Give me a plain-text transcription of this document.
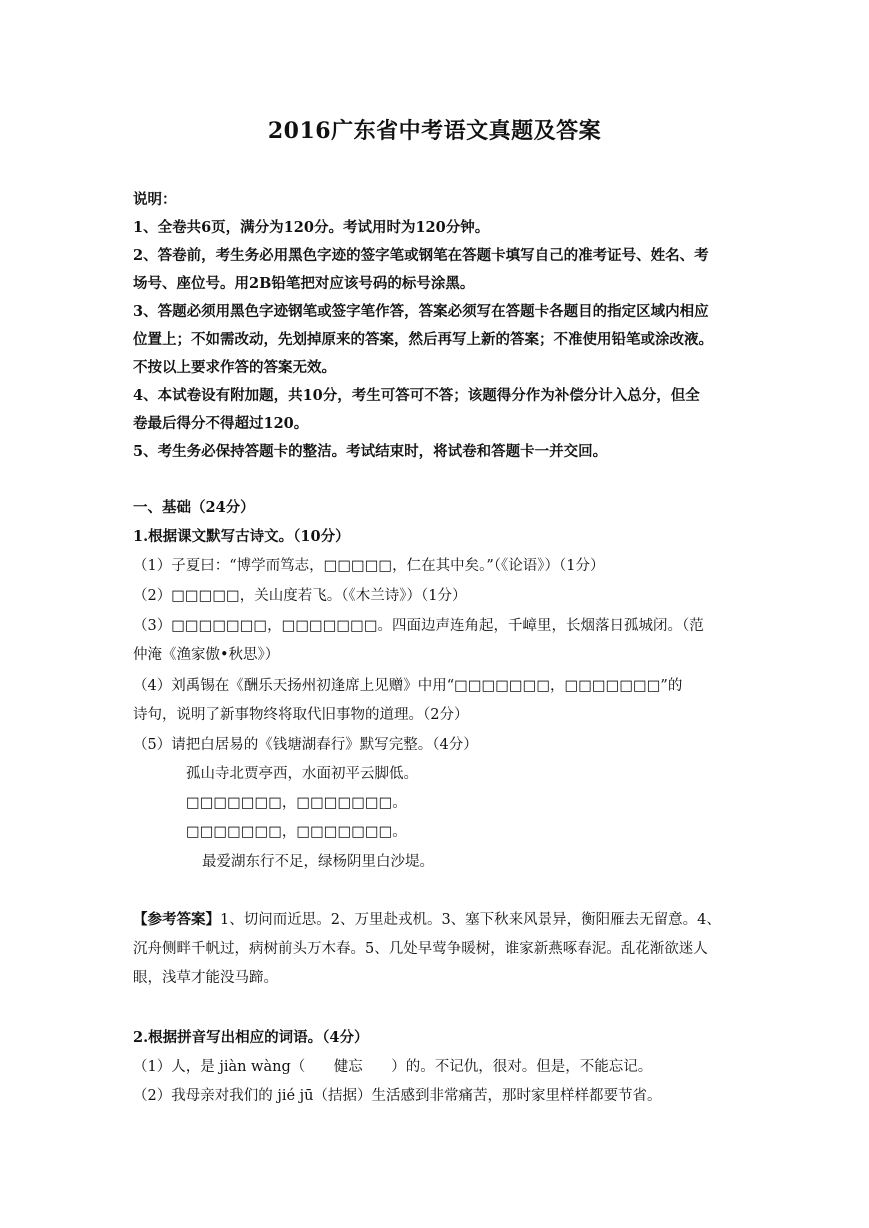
2016广东省中考语文真题及答案
说明：
1、全卷共6页，满分为120分。考试用时为120分钟。
2、答卷前，考生务必用黑色字迹的签字笔或钢笔在答题卡填写自己的准考证号、姓名、考
场号、座位号。用2B铅笔把对应该号码的标号涂黑。
3、答题必须用黑色字迹钢笔或签字笔作答，答案必须写在答题卡各题目的指定区域内相应
位置上；不如需改动，先划掉原来的答案，然后再写上新的答案；不准使用铅笔或涂改液。
不按以上要求作答的答案无效。
4、本试卷设有附加题，共10分，考生可答可不答；该题得分作为补偿分计入总分，但全
卷最后得分不得超过120。
5、考生务必保持答题卡的整洁。考试结束时，将试卷和答题卡一并交回。
一、基础（24分）
1.根据课文默写古诗文。（10分）
（1）子夏曰：“博学而笃志，□□□□□，仁在其中矣。”（《论语》）（1分）
（2）□□□□□，关山度若飞。（《木兰诗》）（1分）
（3）□□□□□□□，□□□□□□□。四面边声连角起，千嶂里，长烟落日孤城闭。（范
仲淹《渔家傲•秋思》）
（4）刘禹锡在《酬乐天扬州初逢席上见赠》中用“□□□□□□□，□□□□□□□”的
诗句，说明了新事物终将取代旧事物的道理。（2分）
（5）请把白居易的《钱塘湖春行》默写完整。（4分）
孤山寺北贾亭西，水面初平云脚低。
□□□□□□□，□□□□□□□。
□□□□□□□，□□□□□□□。
最爱湖东行不足，绿杨阴里白沙堤。
【参考答案】1、切问而近思。2、万里赴戎机。3、塞下秋来风景异，衡阳雁去无留意。4、
沉舟侧畔千帆过，病树前头万木春。5、几处早莺争暖树，谁家新燕啄春泥。乱花渐欲迷人
眼，浅草才能没马蹄。
2.根据拼音写出相应的词语。（4分）
（1）人，是 jiàn wàng（ 健忘 ）的。不记仇，很对。但是，不能忘记。
（2）我母亲对我们的 jié jū（拮据）生活感到非常痛苦，那时家里样样都要节省。
